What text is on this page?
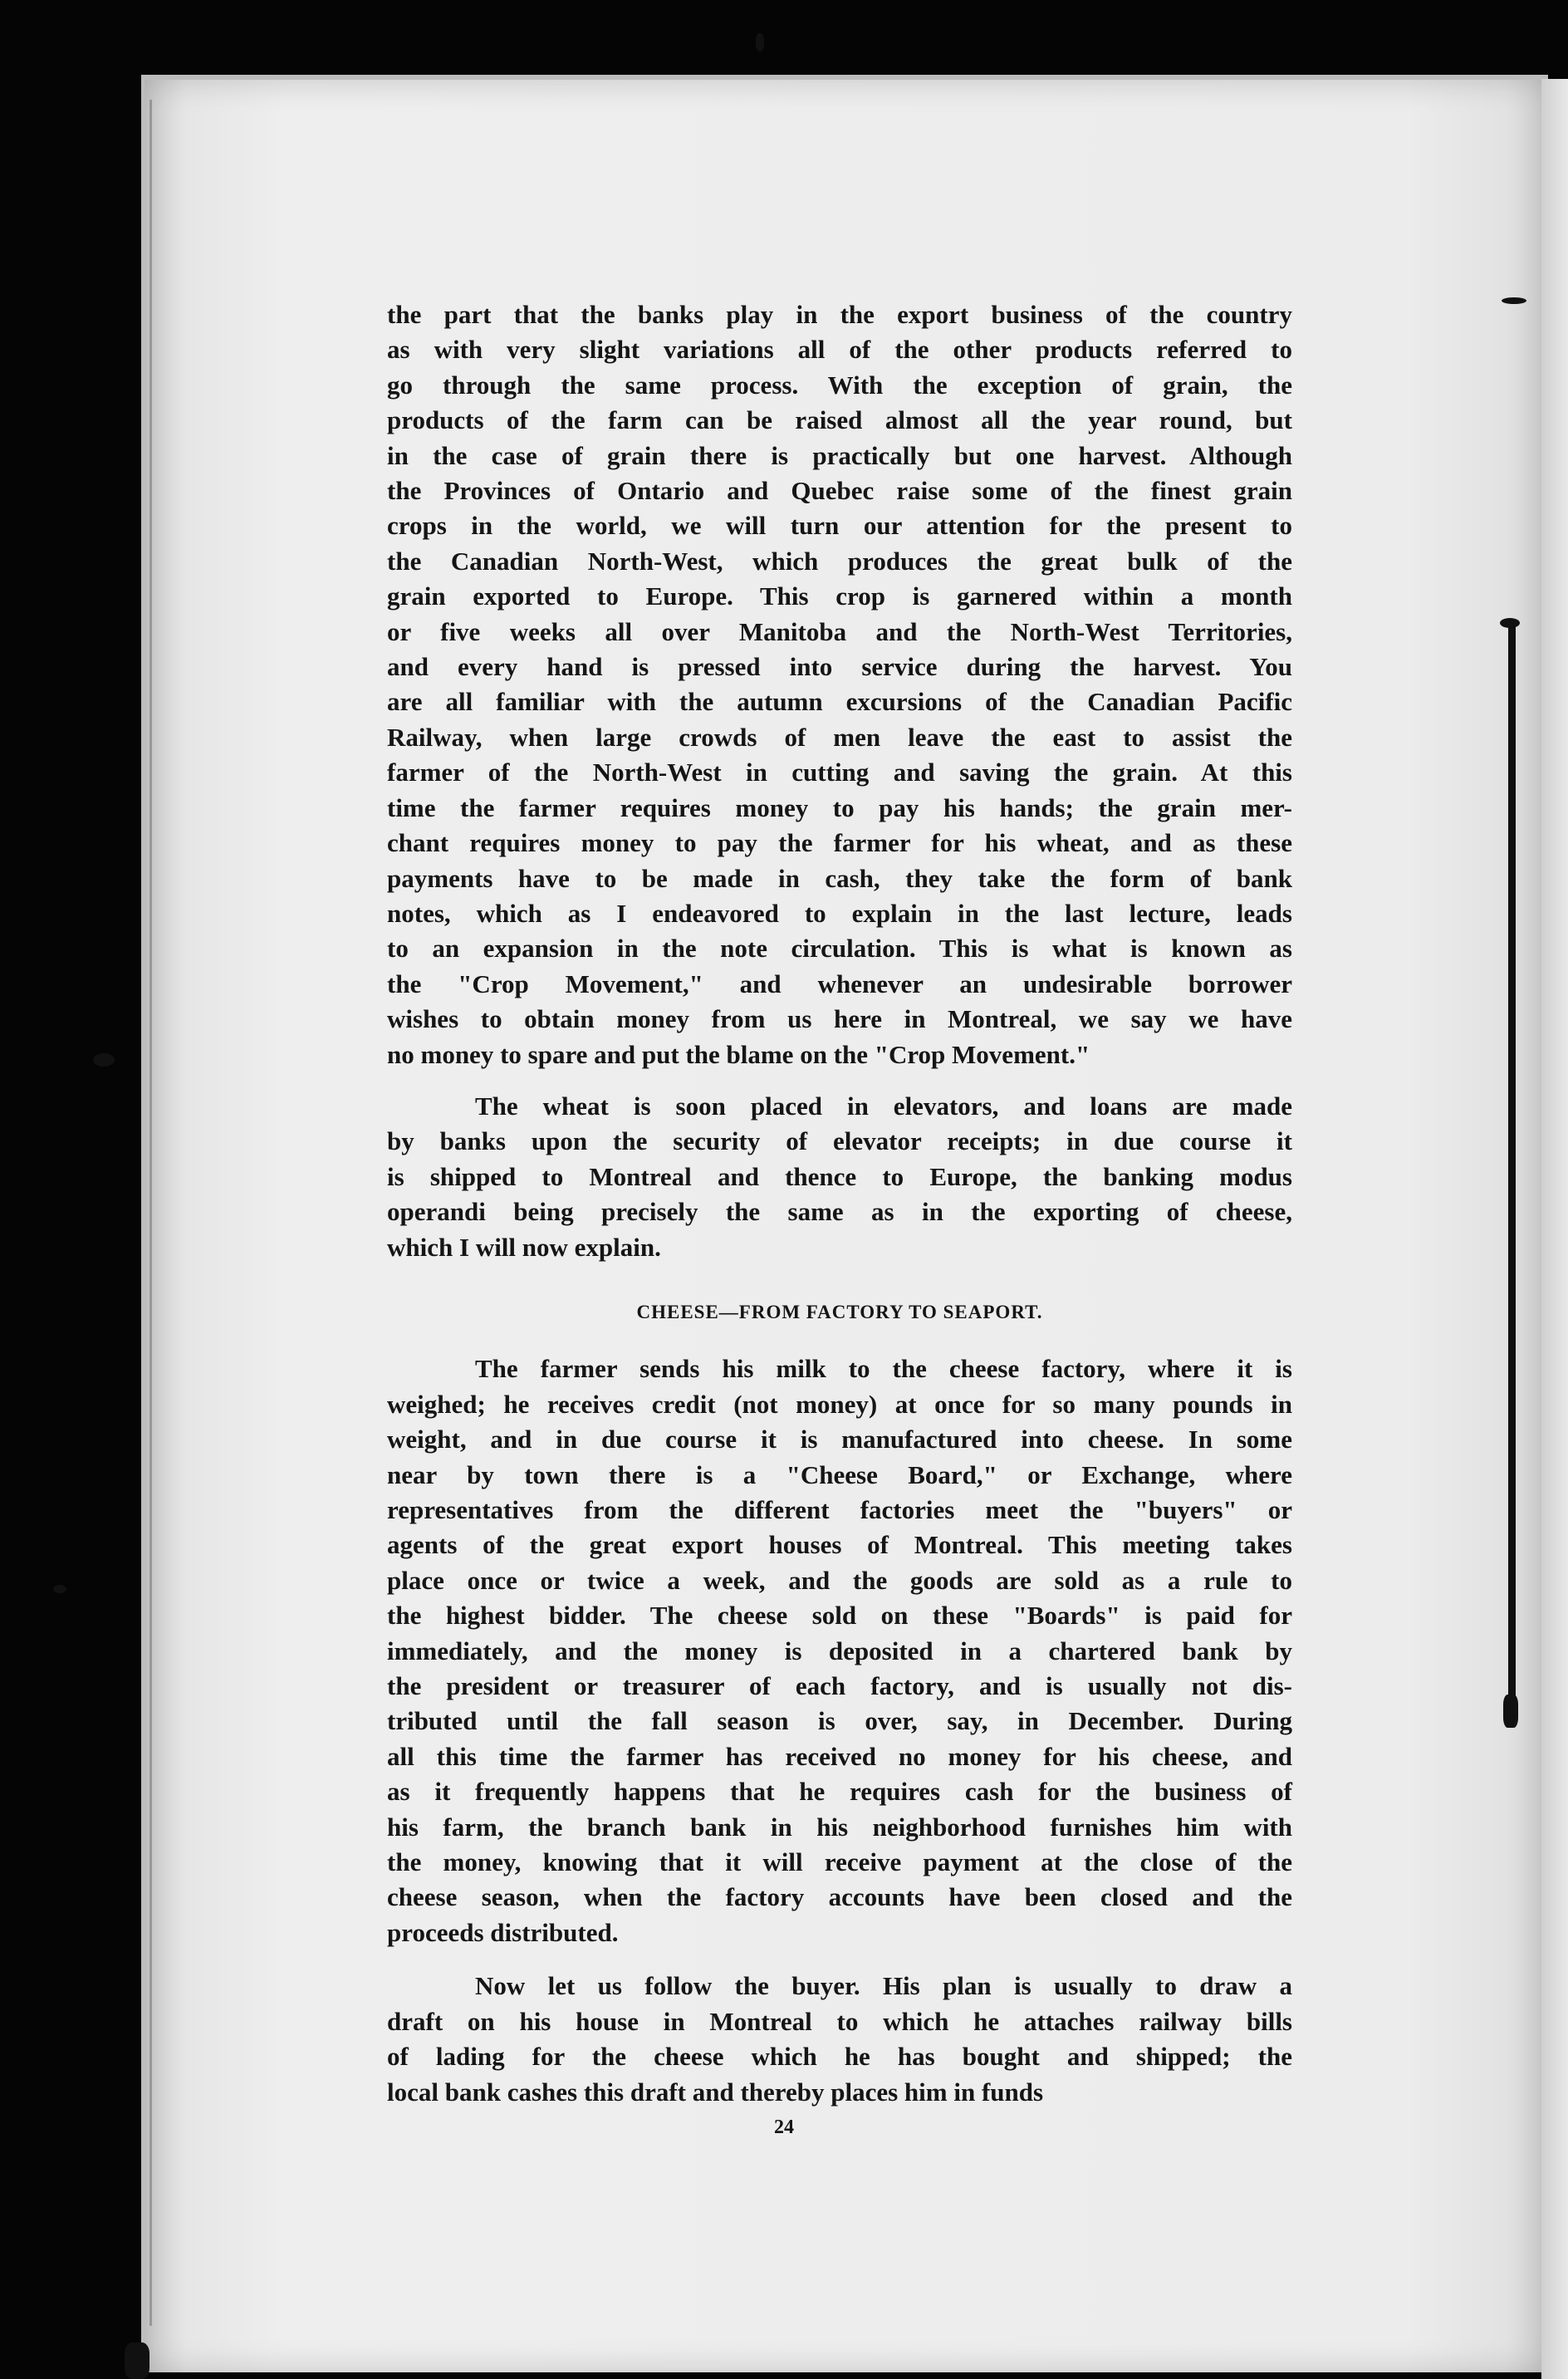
the part that the banks play in the export business of the country
as with very slight variations all of the other products referred to
go through the same process. With the exception of grain, the
products of the farm can be raised almost all the year round, but
in the case of grain there is practically but one harvest. Although
the Provinces of Ontario and Quebec raise some of the finest grain
crops in the world, we will turn our attention for the present to
the Canadian North-West, which produces the great bulk of the
grain exported to Europe. This crop is garnered within a month
or five weeks all over Manitoba and the North-West Territories,
and every hand is pressed into service during the harvest. You
are all familiar with the autumn excursions of the Canadian Pacific
Railway, when large crowds of men leave the east to assist the
farmer of the North-West in cutting and saving the grain. At this
time the farmer requires money to pay his hands; the grain mer-
chant requires money to pay the farmer for his wheat, and as these
payments have to be made in cash, they take the form of bank
notes, which as I endeavored to explain in the last lecture, leads
to an expansion in the note circulation. This is what is known as
the "Crop Movement," and whenever an undesirable borrower
wishes to obtain money from us here in Montreal, we say we have
no money to spare and put the blame on the "Crop Movement."
The wheat is soon placed in elevators, and loans are made
by banks upon the security of elevator receipts; in due course it
is shipped to Montreal and thence to Europe, the banking modus
operandi being precisely the same as in the exporting of cheese,
which I will now explain.
CHEESE—FROM FACTORY TO SEAPORT.
The farmer sends his milk to the cheese factory, where it is
weighed; he receives credit (not money) at once for so many pounds in
weight, and in due course it is manufactured into cheese. In some
near by town there is a "Cheese Board," or Exchange, where
representatives from the different factories meet the "buyers" or
agents of the great export houses of Montreal. This meeting takes
place once or twice a week, and the goods are sold as a rule to
the highest bidder. The cheese sold on these "Boards" is paid for
immediately, and the money is deposited in a chartered bank by
the president or treasurer of each factory, and is usually not dis-
tributed until the fall season is over, say, in December. During
all this time the farmer has received no money for his cheese, and
as it frequently happens that he requires cash for the business of
his farm, the branch bank in his neighborhood furnishes him with
the money, knowing that it will receive payment at the close of the
cheese season, when the factory accounts have been closed and the
proceeds distributed.
Now let us follow the buyer. His plan is usually to draw a
draft on his house in Montreal to which he attaches railway bills
of lading for the cheese which he has bought and shipped; the
local bank cashes this draft and thereby places him in funds
24
